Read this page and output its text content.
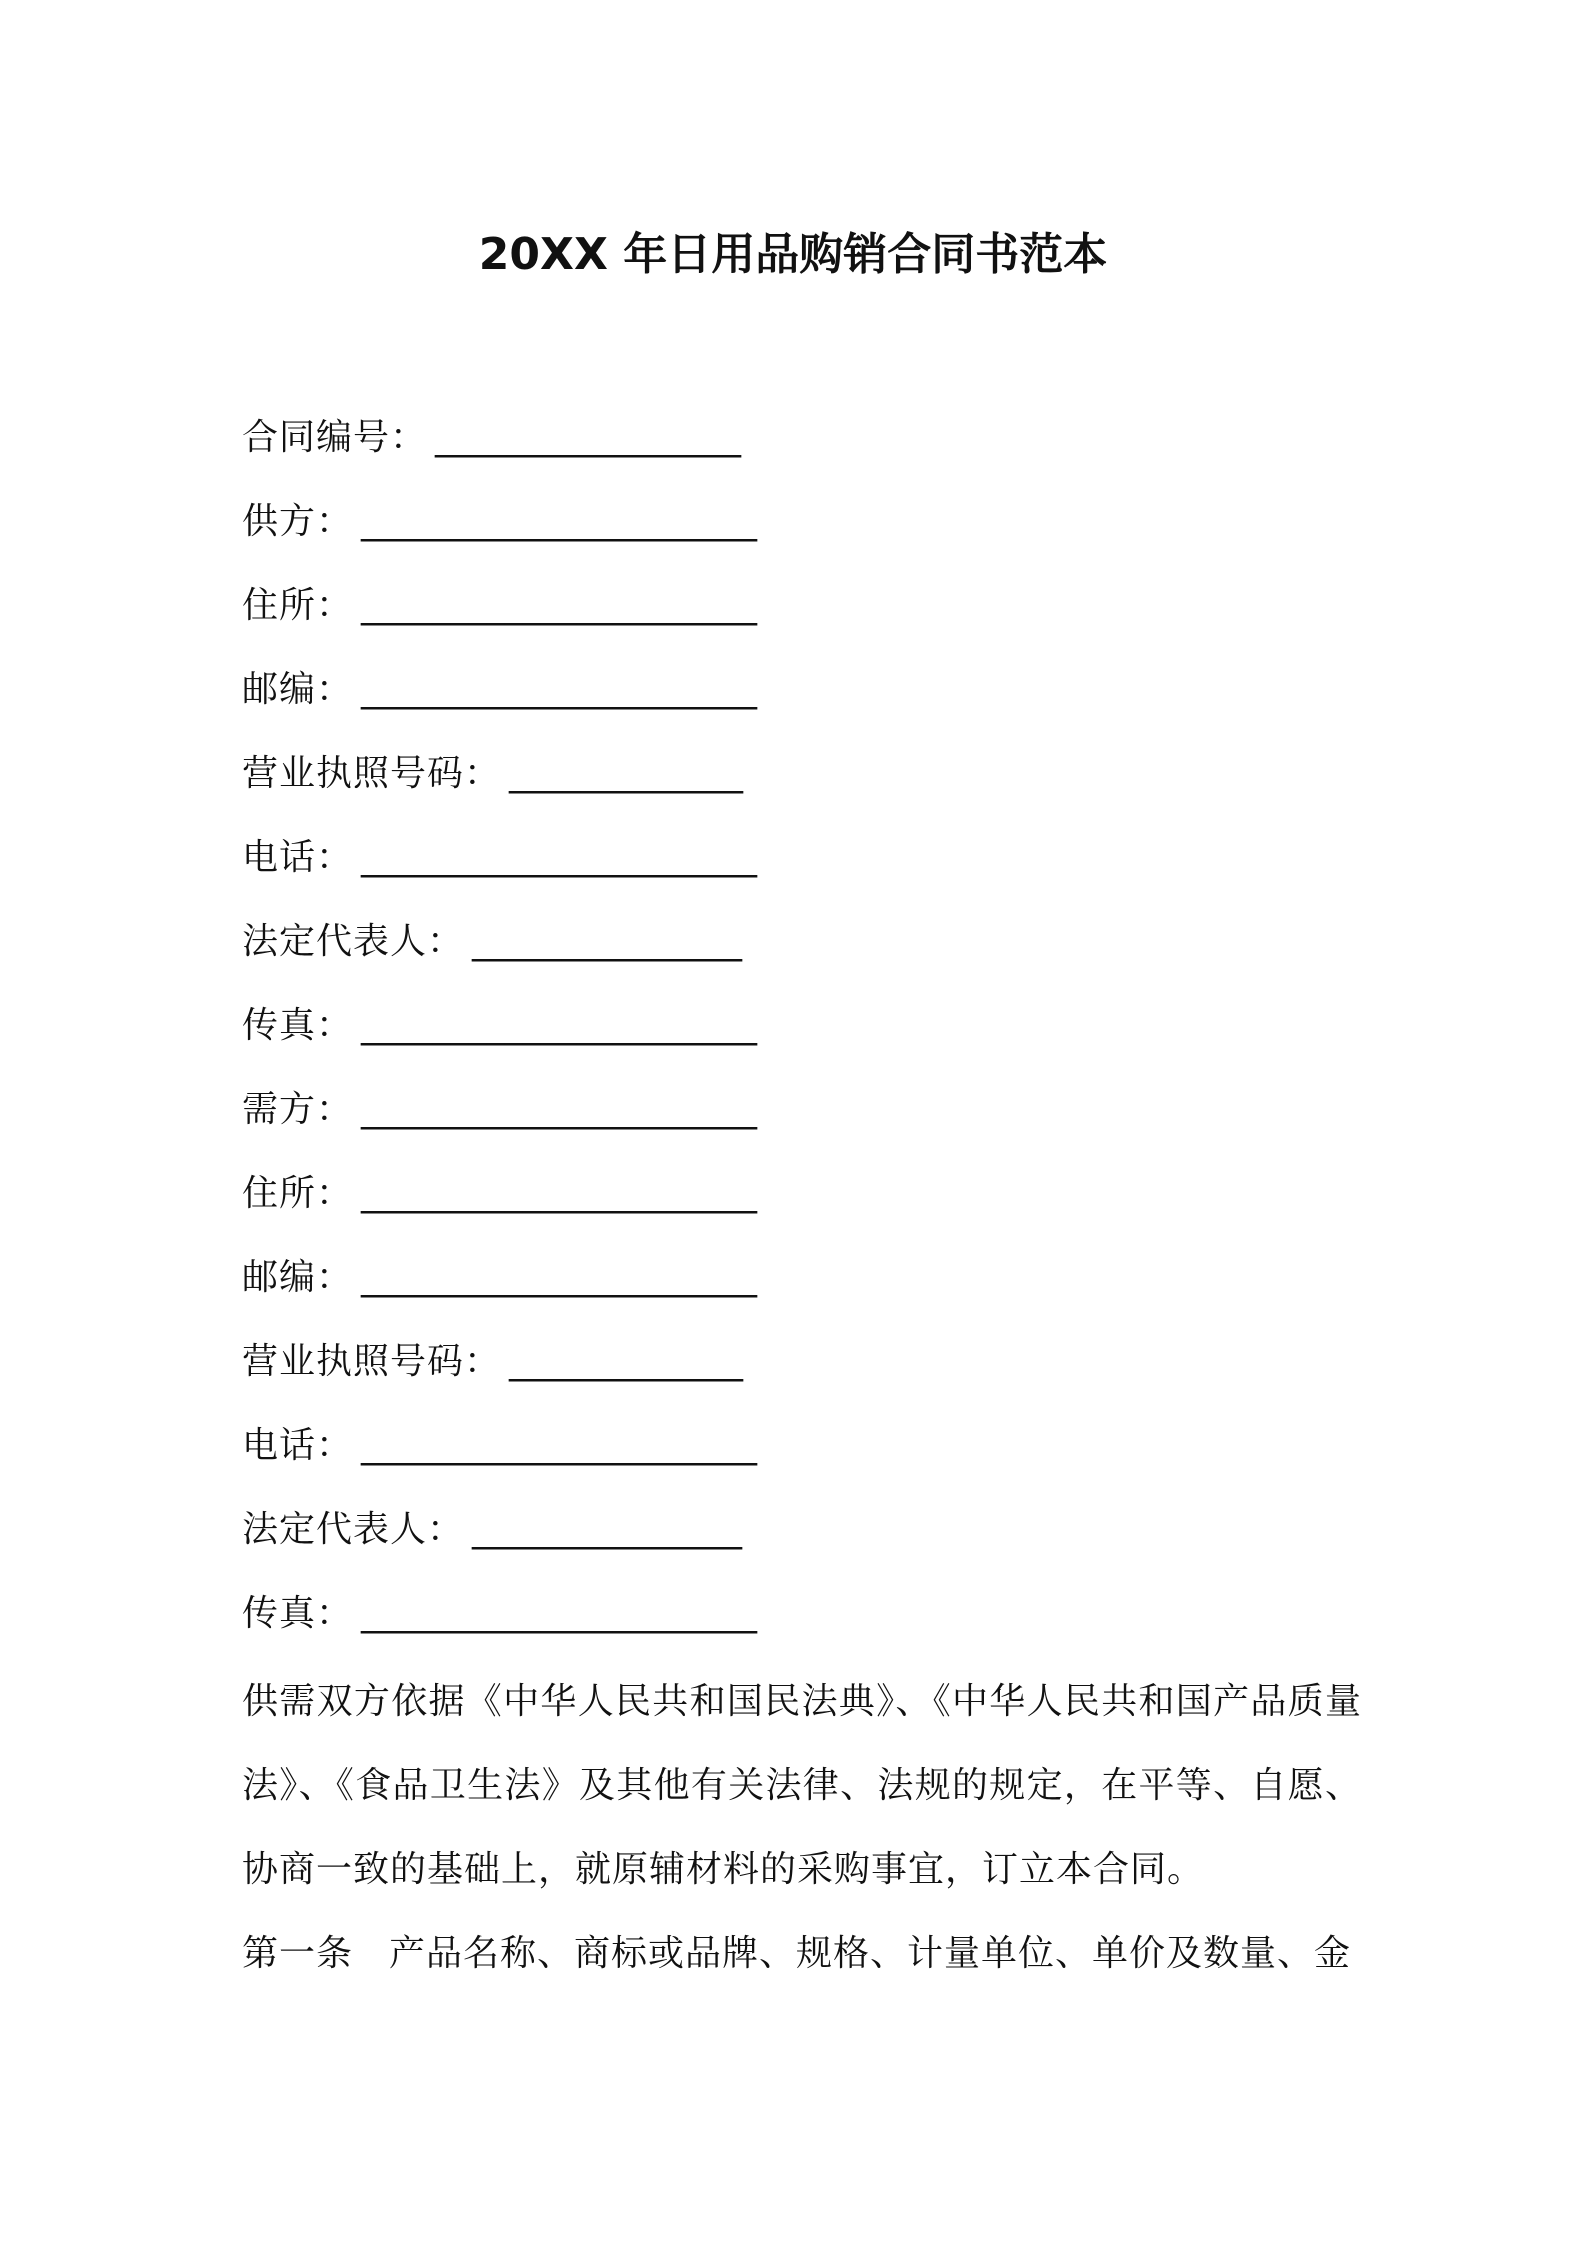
20XX 年日用品购销合同书范本
合同编号： _________________
供方： ______________________
住所： ______________________
邮编： ______________________
营业执照号码： _____________
电话： ______________________
法定代表人： _______________
传真： ______________________
需方： ______________________
住所： ______________________
邮编： ______________________
营业执照号码： _____________
电话： ______________________
法定代表人： _______________
传真： ______________________

供需双方依据《中华人民共和国民法典》、《中华人民共和国产品质量法》、《食品卫生法》及其他有关法律、法规的规定，在平等、自愿、协商一致的基础上，就原辅材料的采购事宜，订立本合同。

第一条 产品名称、商标或品牌、规格、计量单位、单价及数量、金
